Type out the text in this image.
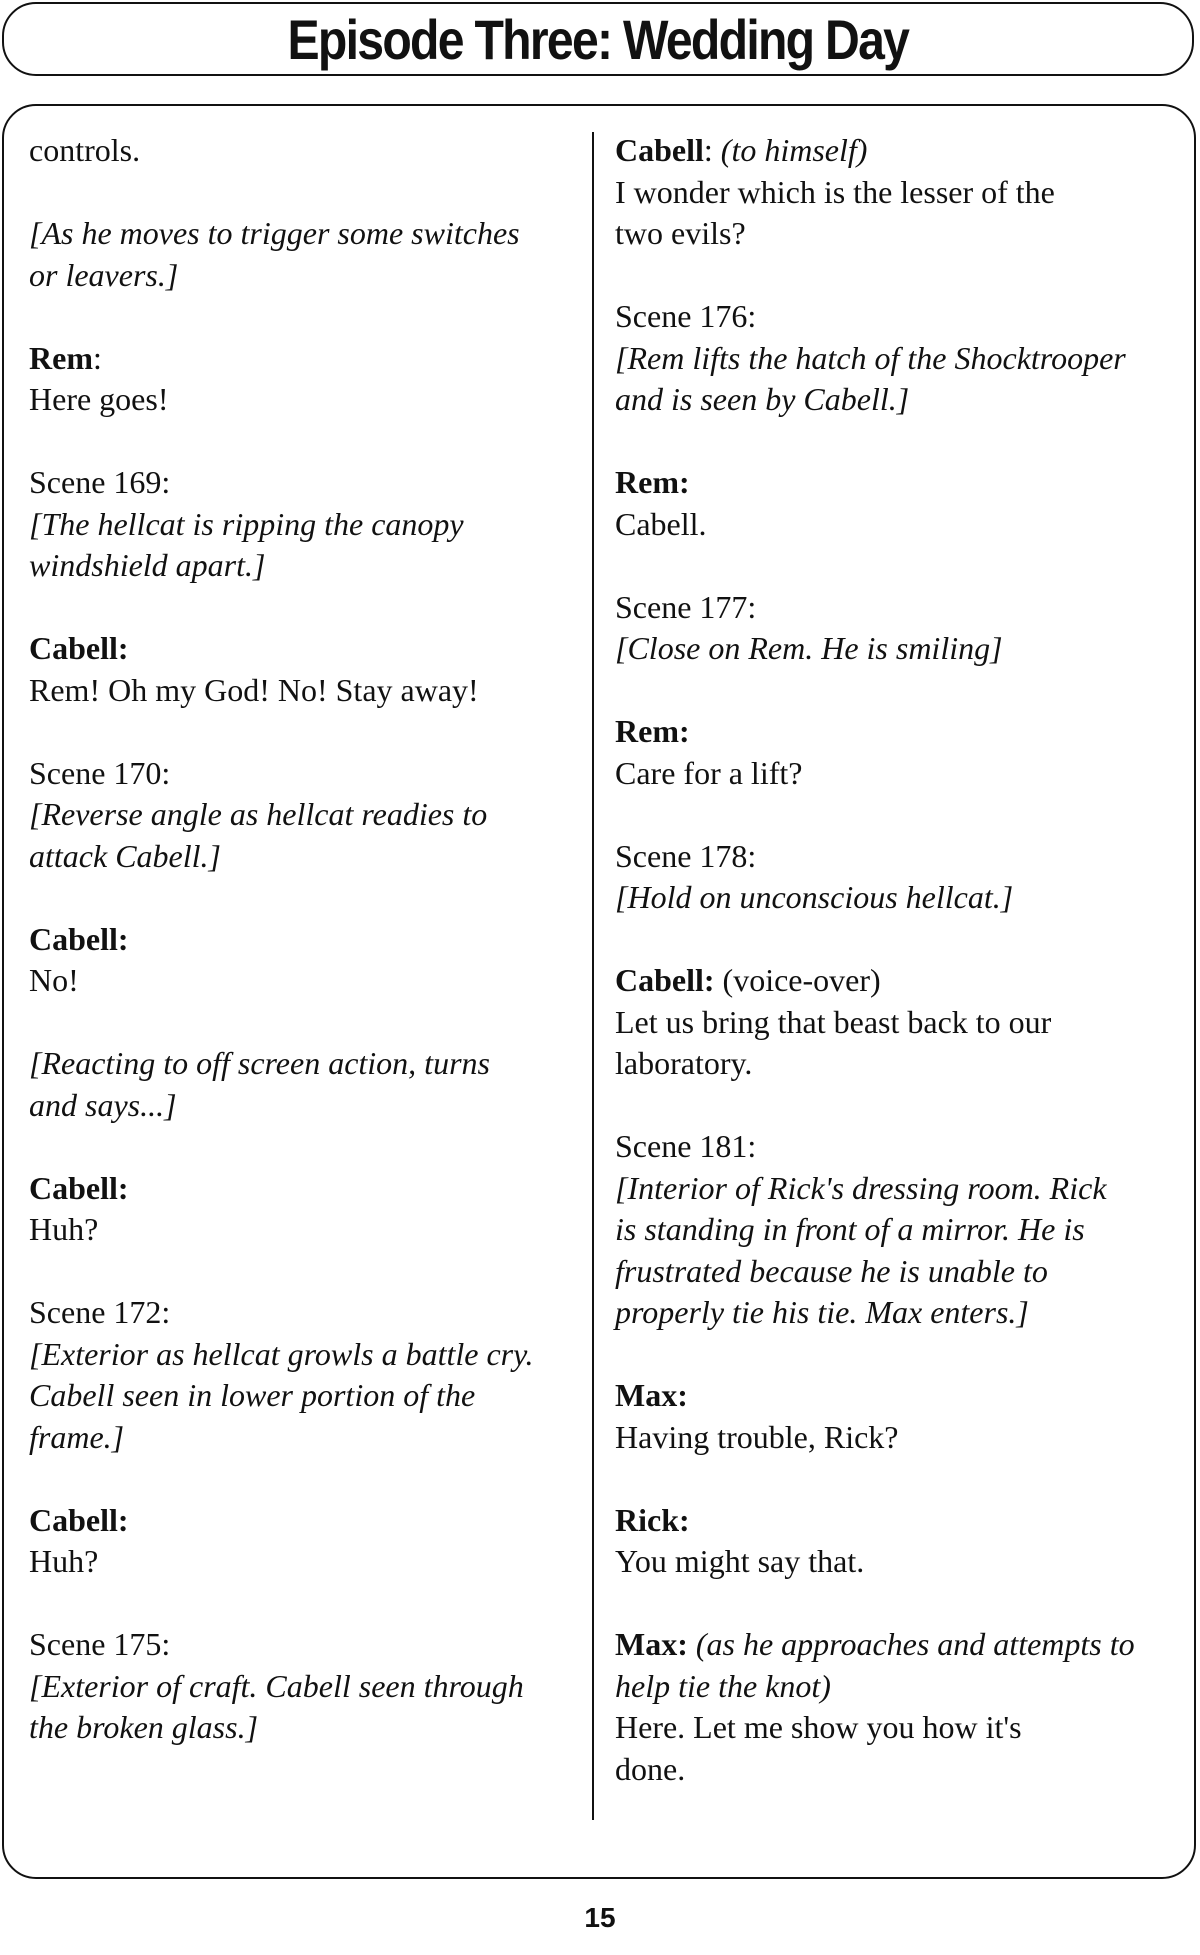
Episode Three: Wedding Day

controls.

[As he moves to trigger some switches
or leavers.]

Rem:

Here goes!

Scene 169:

[The hellcat is ripping the canopy
windshield apart.]

Cabell:

Rem! Oh my God! No! Stay away!

Scene 170:

[Reverse angle as hellcat readies to
attack Cabell.]

Cabell:

No!

[Reacting to off screen action, turns
and says...]

Cabell:

Huh?

Scene 172:

[Exterior as hellcat growls a battle cry.
Cabell seen in lower portion of the
frame.]

Cabell:

Huh?

Scene 175:

[Exterior of craft. Cabell seen through
the broken glass.]

Cabell: (to himself)

I wonder which is the lesser of the
two evils?

Scene 176:

[Rem lifts the hatch of the Shocktrooper
and is seen by Cabell.]

Rem:

Cabell.

Scene 177:

[Close on Rem. He is smiling]

Rem:

Care for a lift?

Scene 178:

[Hold on unconscious hellcat.]

Cabell: (voice-over)

Let us bring that beast back to our
laboratory.

Scene 181:

[Interior of Rick's dressing room. Rick
is standing in front of a mirror. He is
frustrated because he is unable to
properly tie his tie. Max enters.]

Max:

Having trouble, Rick?

Rick:

You might say that.

Max: (as he approaches and attempts to

help tie the knot)

Here. Let me show you how it's
done.

15
